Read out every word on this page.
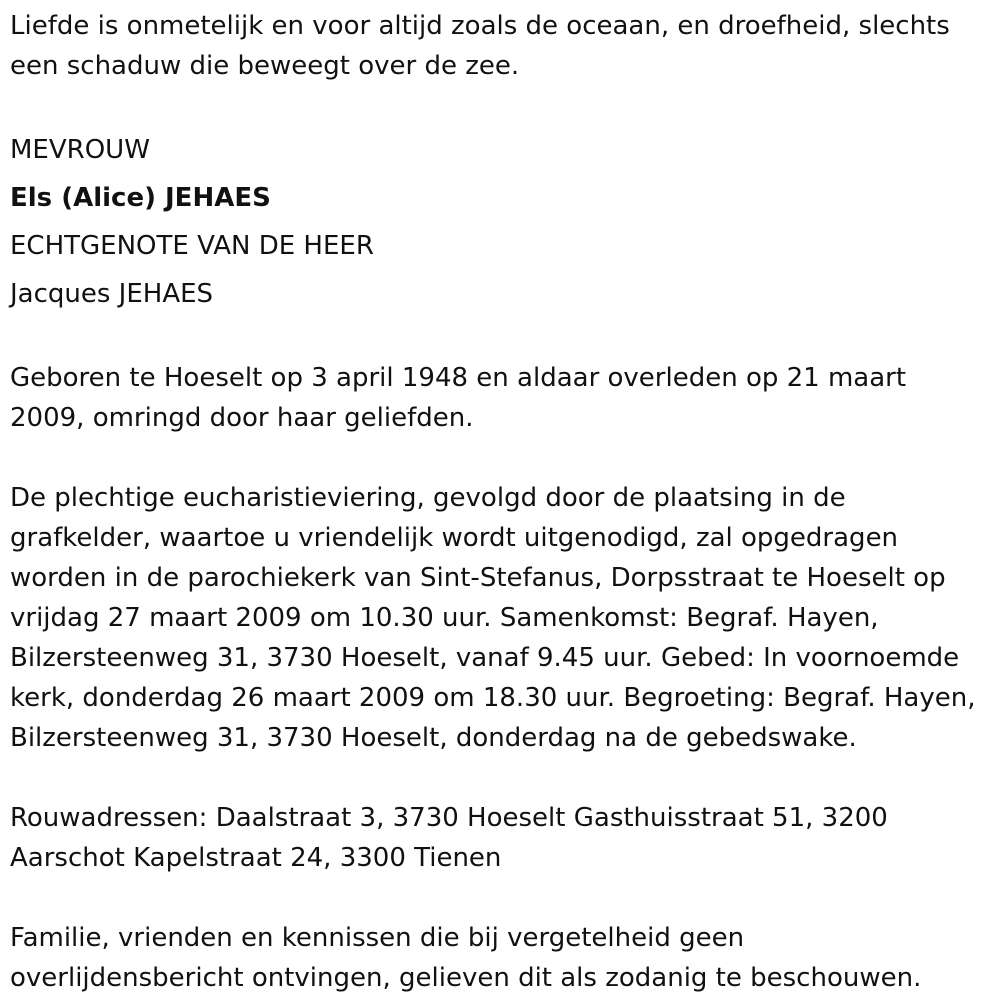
Liefde is onmetelijk en voor altijd zoals de oceaan, en droefheid, slechts een schaduw die beweegt over de zee.

MEVROUW

Els (Alice) JEHAES

ECHTGENOTE VAN DE HEER

Jacques JEHAES

Geboren te Hoeselt op 3 april 1948 en aldaar overleden op 21 maart 2009, omringd door haar geliefden.

De plechtige eucharistieviering, gevolgd door de plaatsing in de grafkelder, waartoe u vriendelijk wordt uitgenodigd, zal opgedragen worden in de parochiekerk van Sint-Stefanus, Dorpsstraat te Hoeselt op vrijdag 27 maart 2009 om 10.30 uur. Samenkomst: Begraf. Hayen, Bilzersteenweg 31, 3730 Hoeselt, vanaf 9.45 uur. Gebed: In voornoemde kerk, donderdag 26 maart 2009 om 18.30 uur. Begroeting: Begraf. Hayen, Bilzersteenweg 31, 3730 Hoeselt, donderdag na de gebedswake.

Rouwadressen: Daalstraat 3, 3730 Hoeselt Gasthuisstraat 51, 3200 Aarschot Kapelstraat 24, 3300 Tienen

Familie, vrienden en kennissen die bij vergetelheid geen overlijdensbericht ontvingen, gelieven dit als zodanig te beschouwen.
